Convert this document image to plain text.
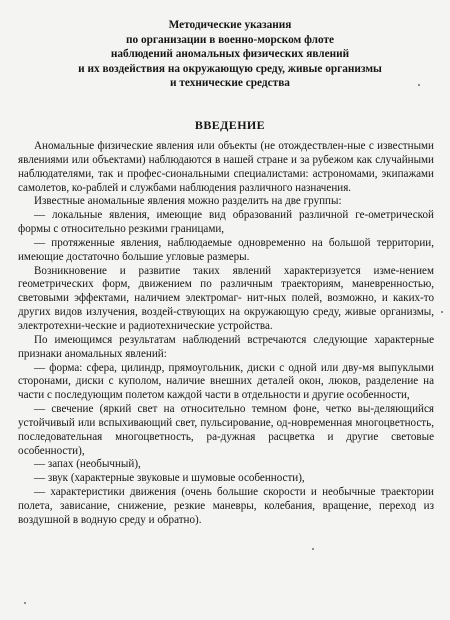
Методические указания
по организации в военно-морском флоте
наблюдений аномальных физических явлений
и их воздействия на окружающую среду, живые организмы
и технические средства
ВВЕДЕНИЕ

Аномальные физические явления или объекты (не отождествлен-ные с известными явлениями или объектами) наблюдаются в нашей стране и за рубежом как случайными наблюдателями, так и профес-сиональными специалистами: астрономами, экипажами самолетов, ко-раблей и службами наблюдения различного назначения.

Известные аномальные явления можно разделить на две группы:

— локальные явления, имеющие вид образований различной ге-ометрической формы с относительно резкими границами,

— протяженные явления, наблюдаемые одновременно на большой территории, имеющие достаточно большие угловые размеры.

Возникновение и развитие таких явлений характеризуется изме-нением геометрических форм, движением по различным траекториям, маневренностью, световыми эффектами, наличием электромаг- нит-ных полей, возможно, и каких-то других видов излучения, воздей-ствующих на окружающую среду, живые организмы, электротехни-ческие и радиотехнические устройства.

По имеющимся результатам наблюдений встречаются следующие характерные признаки аномальных явлений:

— форма: сфера, цилиндр, прямоугольник, диски с одной или дву-мя выпуклыми сторонами, диски с куполом, наличие внешних деталей окон, люков, разделение на части с последующим полетом каждой части в отдельности и другие особенности,

— свечение (яркий свет на относительно темном фоне, четко вы-деляющийся устойчивый или вспыхивающий свет, пульсирование, од-новременная многоцветность, последовательная многоцветность, ра-дужная расцветка и другие световые особенности),

— запах (необычный),

— звук (характерные звуковые и шумовые особенности),

— характеристики движения (очень большие скорости и необычные траектории полета, зависание, снижение, резкие маневры, колебания, вращение, переход из воздушной в водную среду и обратно).
